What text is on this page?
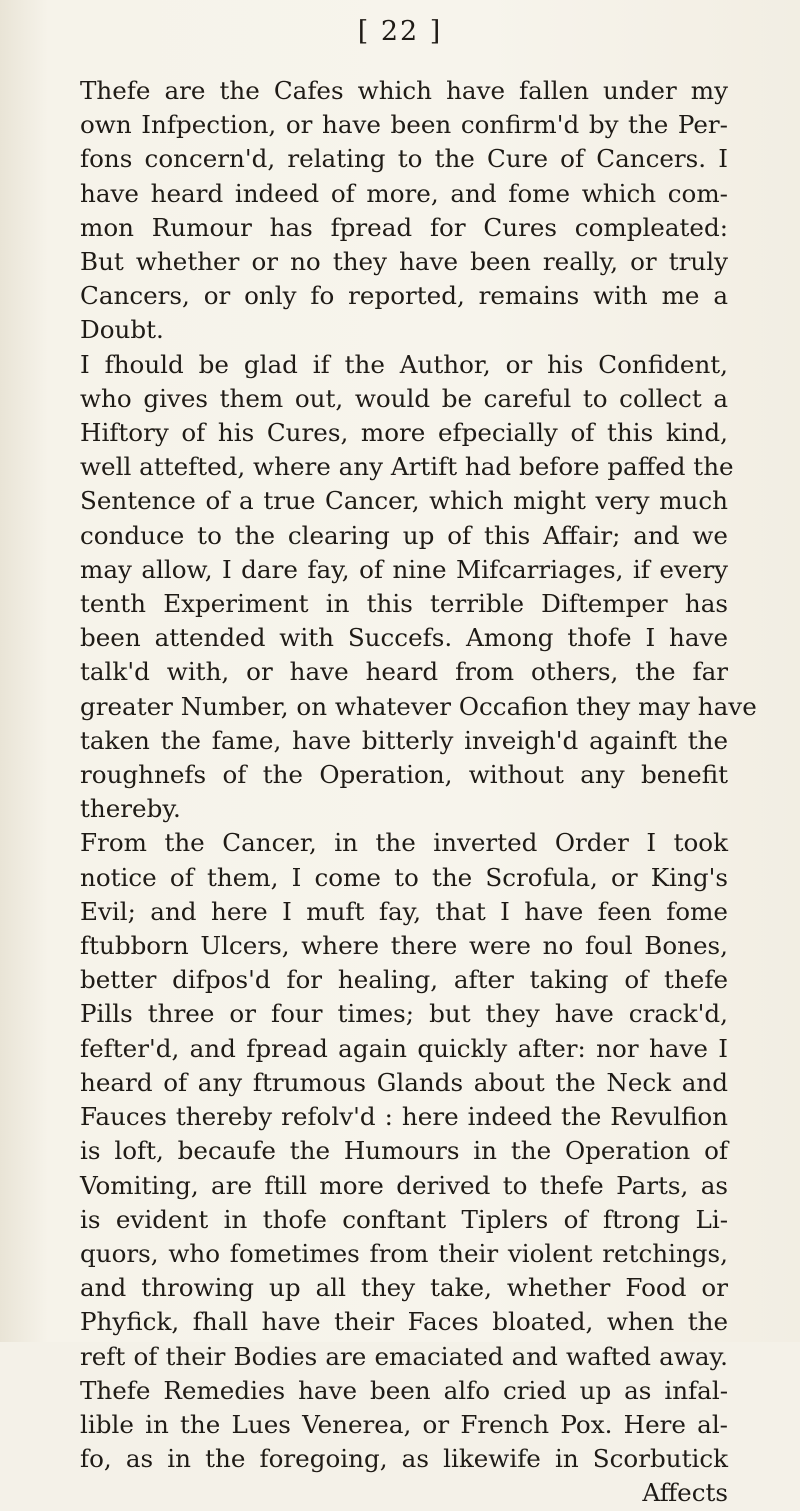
[ 22 ]
Thefe are the Cafes which have fallen under my
own Infpection, or have been confirm'd by the Per-
fons concern'd, relating to the Cure of Cancers. I
have heard indeed of more, and fome which com-
mon Rumour has fpread for Cures compleated:
But whether or no they have been really, or truly
Cancers, or only fo reported, remains with me a
Doubt.
I fhould be glad if the Author, or his Confident,
who gives them out, would be careful to collect a
Hiftory of his Cures, more efpecially of this kind,
well attefted, where any Artift had before paffed the
Sentence of a true Cancer, which might very much
conduce to the clearing up of this Affair; and we
may allow, I dare fay, of nine Mifcarriages, if every
tenth Experiment in this terrible Diftemper has
been attended with Succefs. Among thofe I have
talk'd with, or have heard from others, the far
greater Number, on whatever Occafion they may have
taken the fame, have bitterly inveigh'd againft the
roughnefs of the Operation, without any benefit
thereby.
From the Cancer, in the inverted Order I took
notice of them, I come to the Scrofula, or King's
Evil; and here I muft fay, that I have feen fome
ftubborn Ulcers, where there were no foul Bones,
better difpos'd for healing, after taking of thefe
Pills three or four times; but they have crack'd,
fefter'd, and fpread again quickly after: nor have I
heard of any ftrumous Glands about the Neck and
Fauces thereby refolv'd : here indeed the Revulfion
is loft, becaufe the Humours in the Operation of
Vomiting, are ftill more derived to thefe Parts, as
is evident in thofe conftant Tiplers of ftrong Li-
quors, who fometimes from their violent retchings,
and throwing up all they take, whether Food or
Phyfick, fhall have their Faces bloated, when the
reft of their Bodies are emaciated and wafted away.
Thefe Remedies have been alfo cried up as infal-
lible in the Lues Venerea, or French Pox. Here al-
fo, as in the foregoing, as likewife in Scorbutick
Affects
